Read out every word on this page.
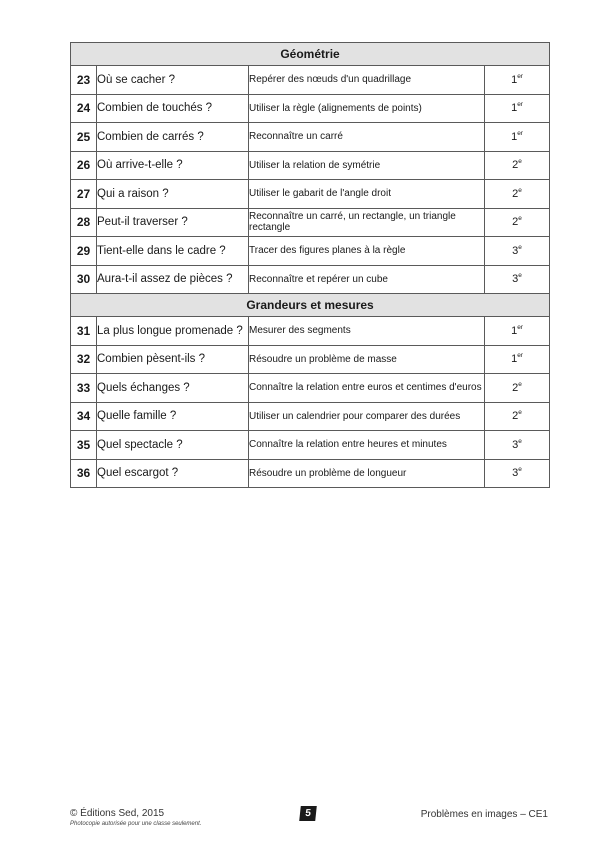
Géométrie			
23	Où se cacher ?	Repérer des nœuds d'un quadrillage	1er
24	Combien de touchés ?	Utiliser la règle (alignements de points)	1er
25	Combien de carrés ?	Reconnaître un carré	1er
26	Où arrive-t-elle ?	Utiliser la relation de symétrie	2e
27	Qui a raison ?	Utiliser le gabarit de l'angle droit	2e
28	Peut-il traverser ?	Reconnaître un carré, un rectangle, un triangle rectangle	2e
29	Tient-elle dans le cadre ?	Tracer des figures planes à la règle	3e
30	Aura-t-il assez de pièces ?	Reconnaître et repérer un cube	3e
Grandeurs et mesures			
31	La plus longue promenade ?	Mesurer des segments	1er
32	Combien pèsent-ils ?	Résoudre un problème de masse	1er
33	Quels échanges ?	Connaître la relation entre euros et centimes d'euros	2e
34	Quelle famille ?	Utiliser un calendrier pour comparer des durées	2e
35	Quel spectacle ?	Connaître la relation entre heures et minutes	3e
36	Quel escargot ?	Résoudre un problème de longueur	3e
© Éditions Sed, 2015
Photocopie autorisée pour une classe seulement.
5	Problèmes en images – CE1
